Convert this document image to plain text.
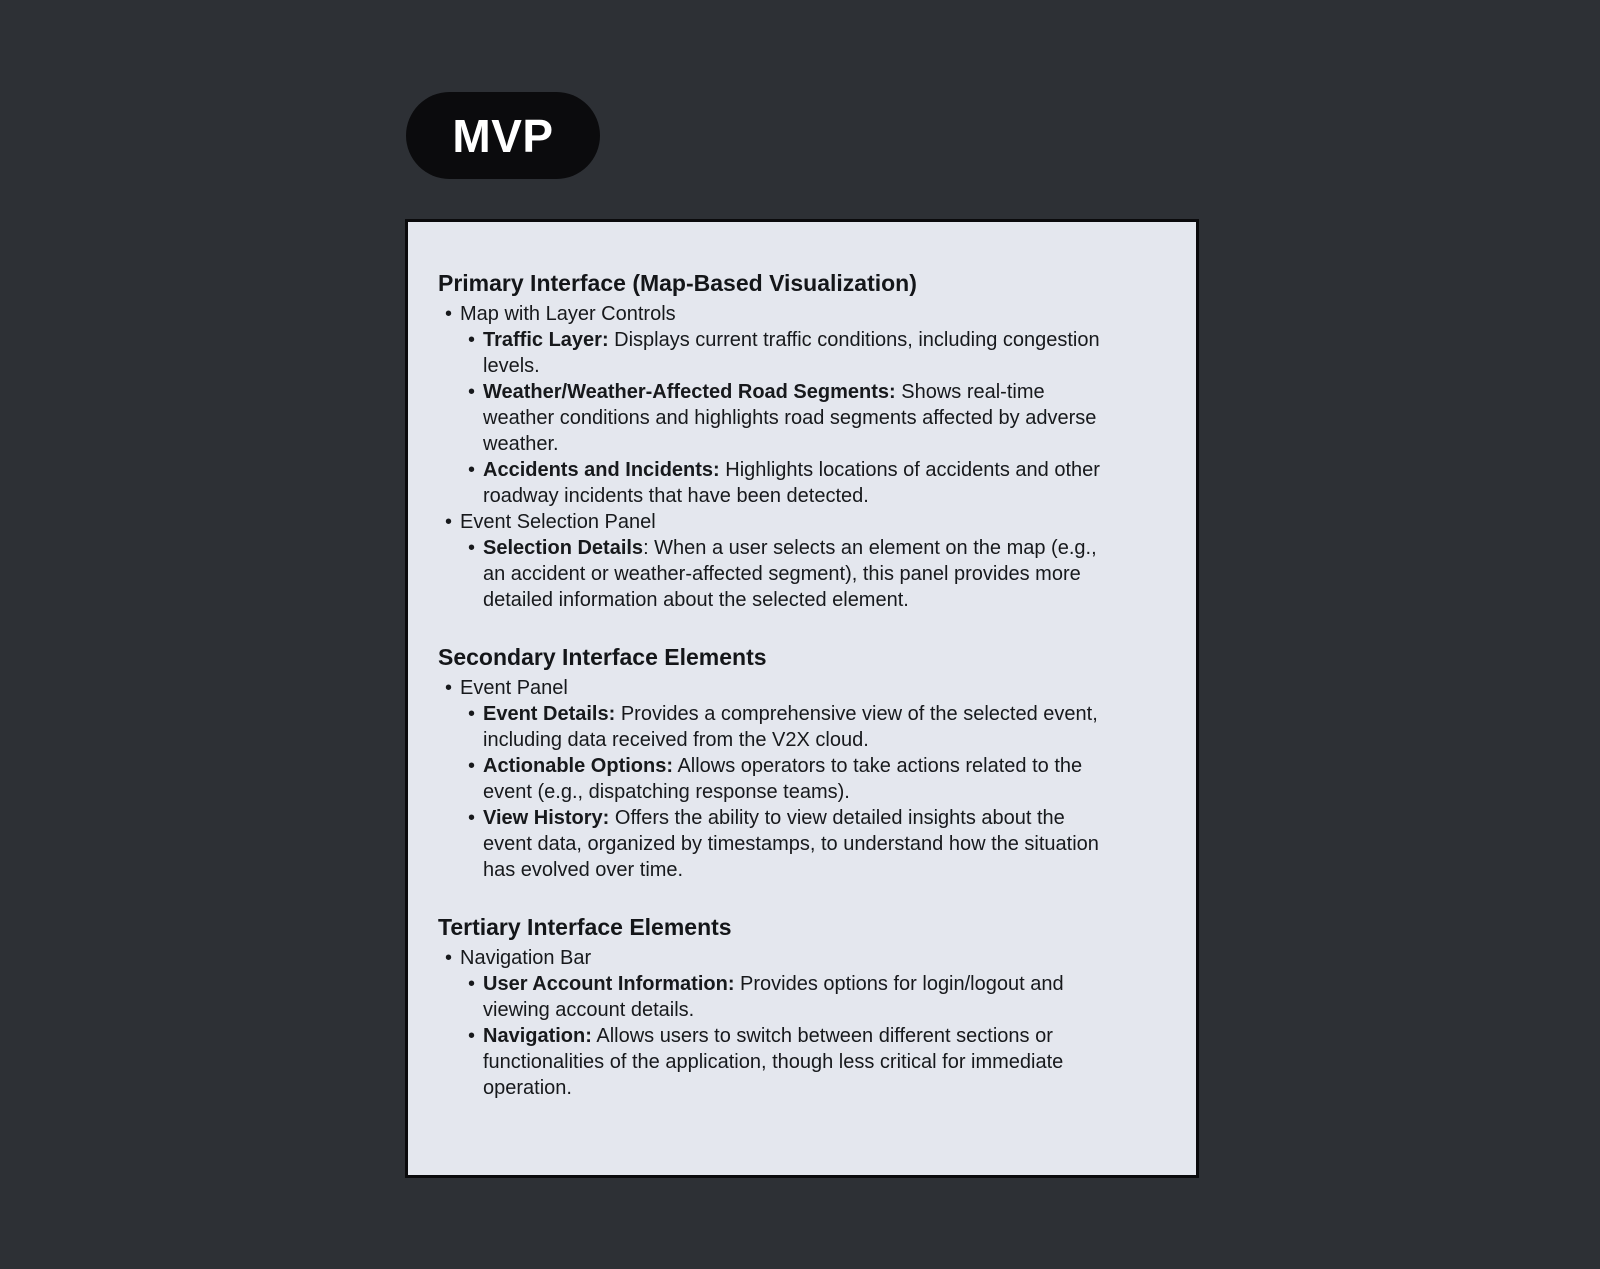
MVP
Primary Interface (Map-Based Visualization)
• Map with Layer Controls
• Traffic Layer: Displays current traffic conditions, including congestion levels.
• Weather/Weather-Affected Road Segments: Shows real-time weather conditions and highlights road segments affected by adverse weather.
• Accidents and Incidents: Highlights locations of accidents and other roadway incidents that have been detected.
• Event Selection Panel
• Selection Details: When a user selects an element on the map (e.g., an accident or weather-affected segment), this panel provides more detailed information about the selected element.
Secondary Interface Elements
• Event Panel
• Event Details: Provides a comprehensive view of the selected event, including data received from the V2X cloud.
• Actionable Options: Allows operators to take actions related to the event (e.g., dispatching response teams).
• View History: Offers the ability to view detailed insights about the event data, organized by timestamps, to understand how the situation has evolved over time.
Tertiary Interface Elements
• Navigation Bar
• User Account Information: Provides options for login/logout and viewing account details.
• Navigation: Allows users to switch between different sections or functionalities of the application, though less critical for immediate operation.
